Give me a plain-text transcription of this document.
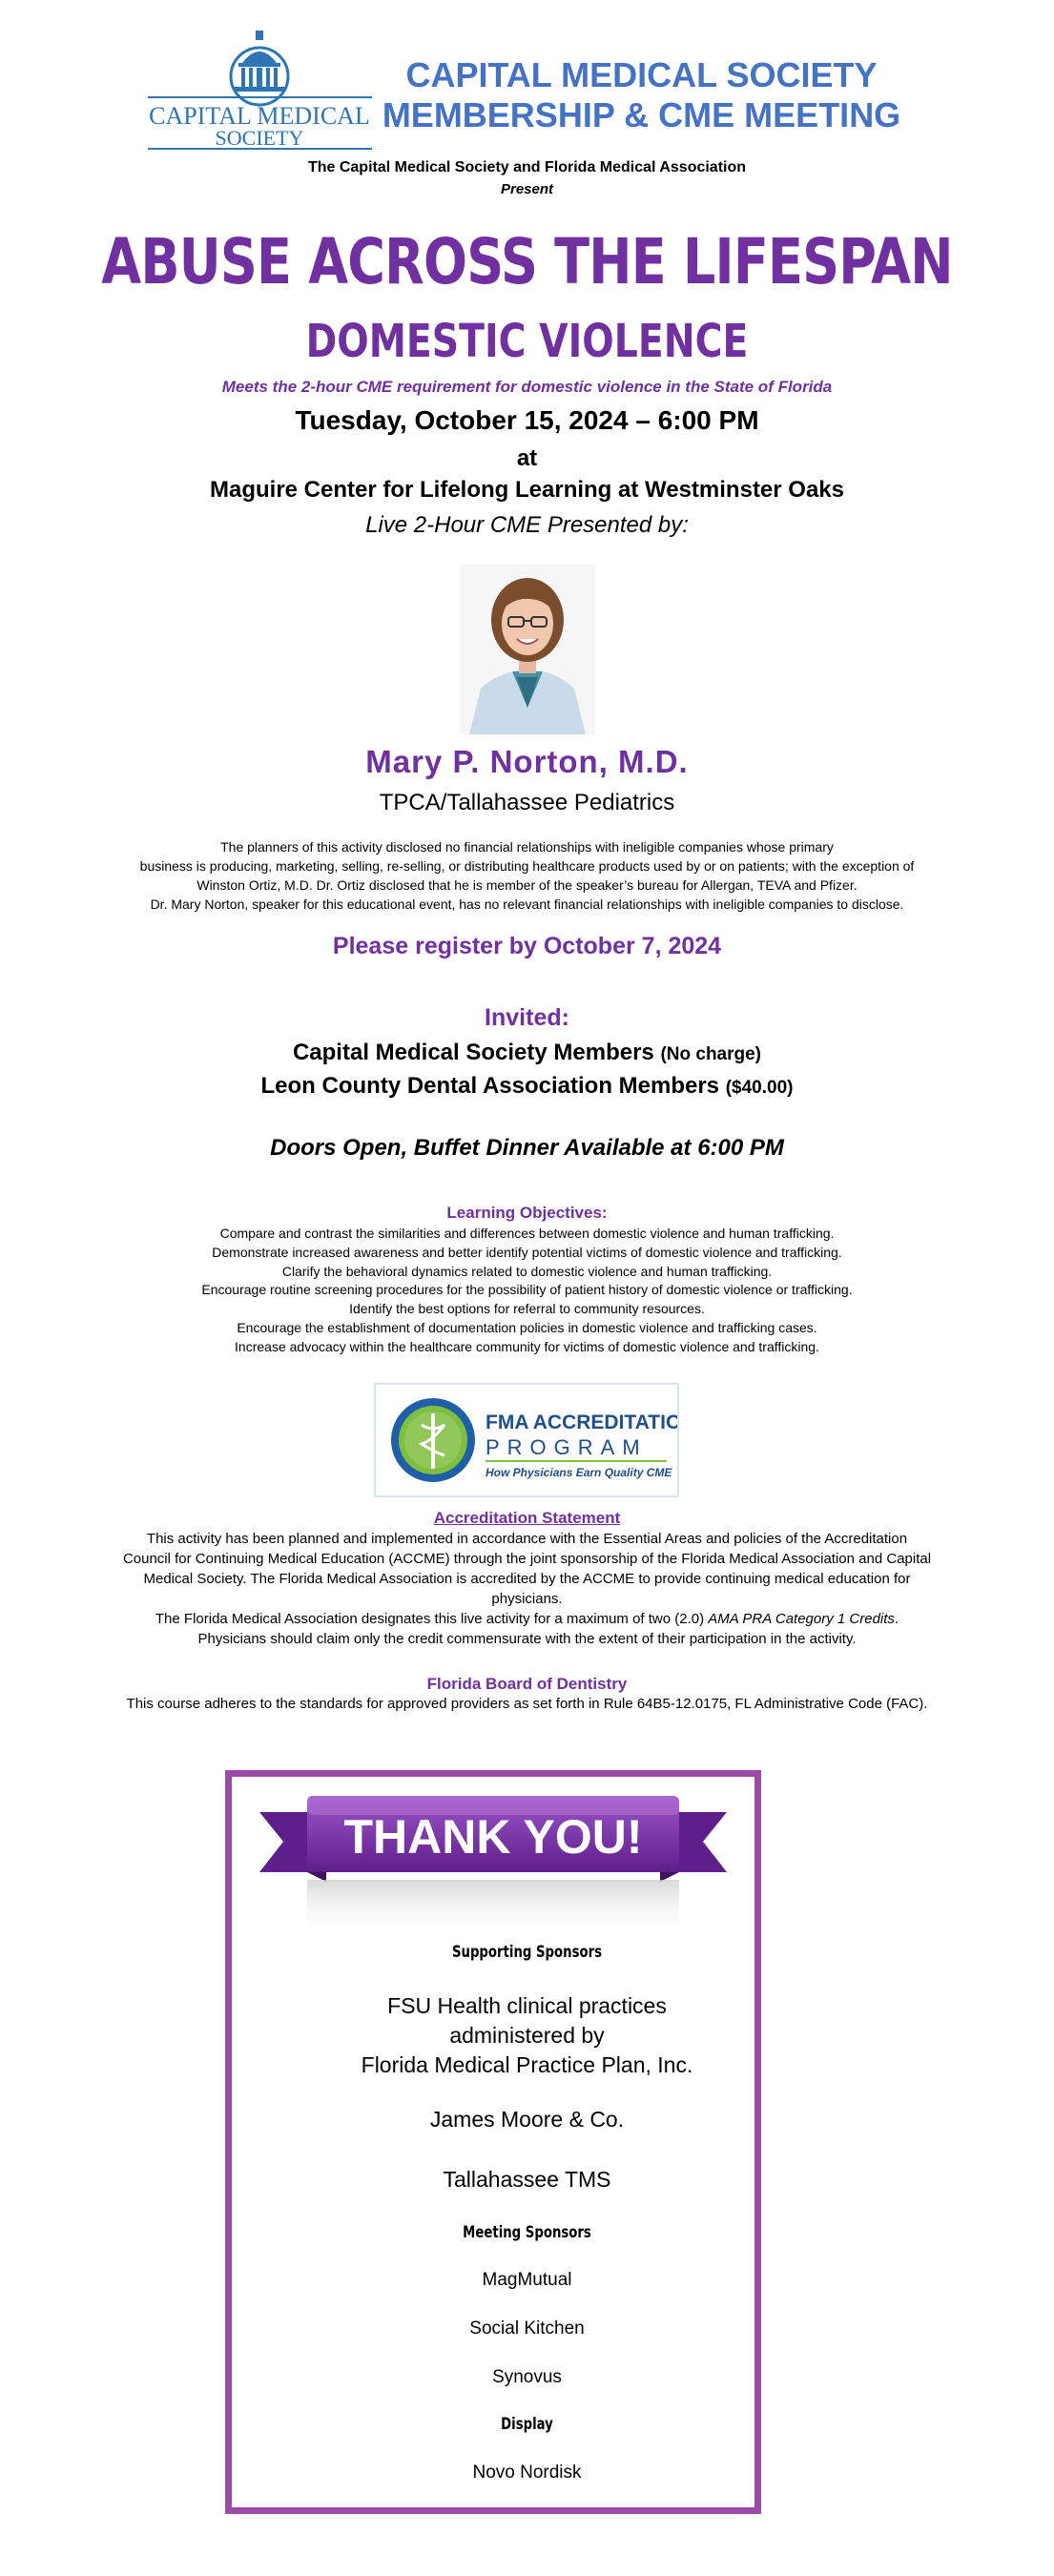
CAPITAL MEDICAL
SOCIETY
CAPITAL MEDICAL SOCIETY
MEMBERSHIP & CME MEETING
The Capital Medical Society and Florida Medical Association
Present
ABUSE ACROSS THE LIFESPAN
DOMESTIC VIOLENCE
Meets the 2-hour CME requirement for domestic violence in the State of Florida
Tuesday, October 15, 2024 – 6:00 PM
at
Maguire Center for Lifelong Learning at Westminster Oaks
Live 2-Hour CME Presented by:
Mary P. Norton, M.D.
TPCA/Tallahassee Pediatrics
The planners of this activity disclosed no financial relationships with ineligible companies whose primary
business is producing, marketing, selling, re-selling, or distributing healthcare products used by or on patients; with the exception of
Winston Ortiz, M.D. Dr. Ortiz disclosed that he is member of the speaker’s bureau for Allergan, TEVA and Pfizer.
Dr. Mary Norton, speaker for this educational event, has no relevant financial relationships with ineligible companies to disclose.
Please register by October 7, 2024
Invited:
Capital Medical Society Members (No charge)
Leon County Dental Association Members ($40.00)
Doors Open, Buffet Dinner Available at 6:00 PM
Learning Objectives:
Compare and contrast the similarities and differences between domestic violence and human trafficking.
Demonstrate increased awareness and better identify potential victims of domestic violence and trafficking.
Clarify the behavioral dynamics related to domestic violence and human trafficking.
Encourage routine screening procedures for the possibility of patient history of domestic violence or trafficking.
Identify the best options for referral to community resources.
Encourage the establishment of documentation policies in domestic violence and trafficking cases.
Increase advocacy within the healthcare community for victims of domestic violence and trafficking.
FMA ACCREDITATION
PROGRAM
How Physicians Earn Quality CME
Accreditation Statement
This activity has been planned and implemented in accordance with the Essential Areas and policies of the Accreditation
Council for Continuing Medical Education (ACCME) through the joint sponsorship of the Florida Medical Association and Capital
Medical Society. The Florida Medical Association is accredited by the ACCME to provide continuing medical education for
physicians.
The Florida Medical Association designates this live activity for a maximum of two (2.0) AMA PRA Category 1 Credits.
Physicians should claim only the credit commensurate with the extent of their participation in the activity.
Florida Board of Dentistry
This course adheres to the standards for approved providers as set forth in Rule 64B5-12.0175, FL Administrative Code (FAC).
THANK YOU!
Supporting Sponsors
FSU Health clinical practices
administered by
Florida Medical Practice Plan, Inc.
James Moore & Co.
Tallahassee TMS
Meeting Sponsors
MagMutual
Social Kitchen
Synovus
Display
Novo Nordisk
